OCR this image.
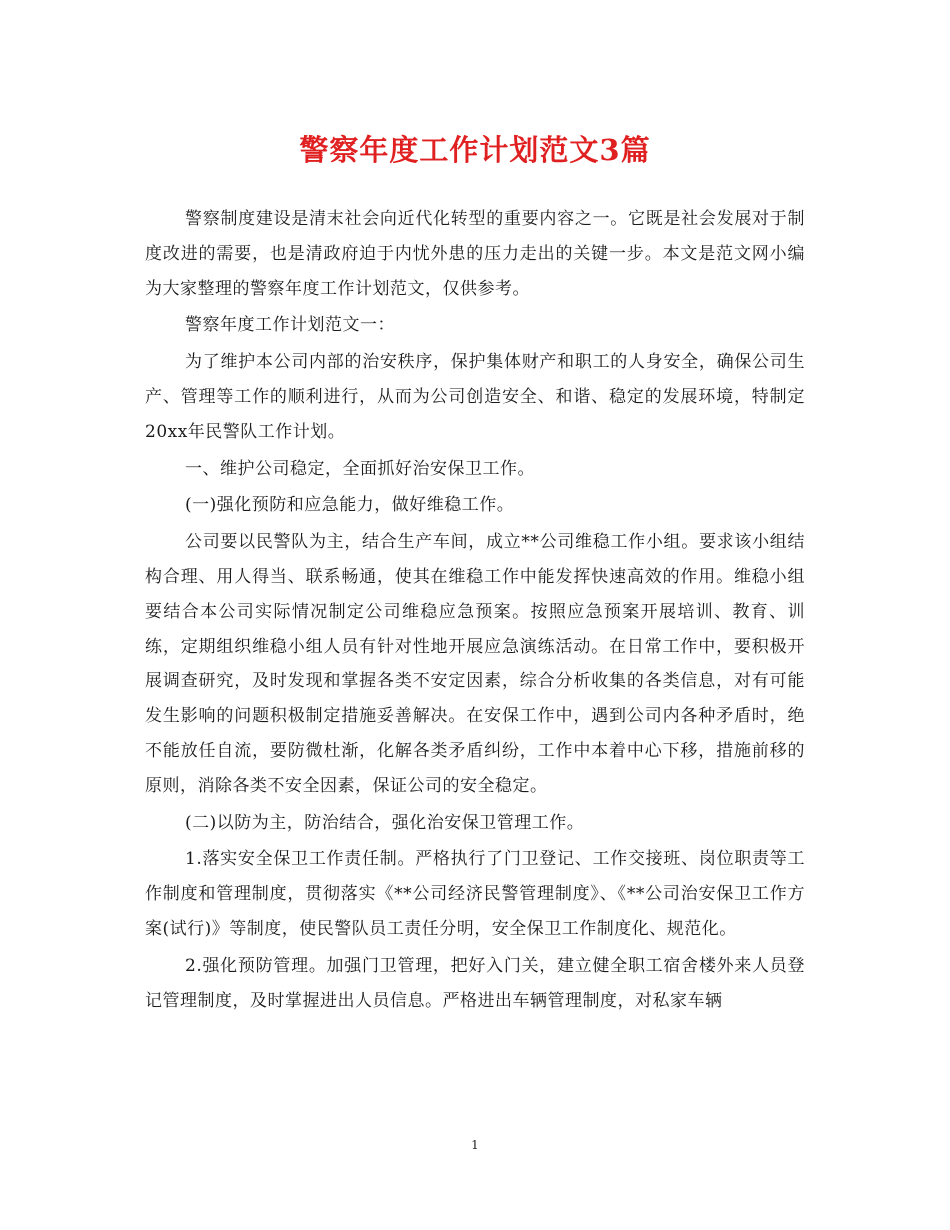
警察年度工作计划范文3篇

警察制度建设是清末社会向近代化转型的重要内容之一。它既是社会发展对于制度改进的需要，也是清政府迫于内忧外患的压力走出的关键一步。本文是范文网小编为大家整理的警察年度工作计划范文，仅供参考。

警察年度工作计划范文一：

为了维护本公司内部的治安秩序，保护集体财产和职工的人身安全，确保公司生产、管理等工作的顺利进行，从而为公司创造安全、和谐、稳定的发展环境，特制定20xx年民警队工作计划。

一、维护公司稳定，全面抓好治安保卫工作。

(一)强化预防和应急能力，做好维稳工作。

公司要以民警队为主，结合生产车间，成立**公司维稳工作小组。要求该小组结构合理、用人得当、联系畅通，使其在维稳工作中能发挥快速高效的作用。维稳小组要结合本公司实际情况制定公司维稳应急预案。按照应急预案开展培训、教育、训练，定期组织维稳小组人员有针对性地开展应急演练活动。在日常工作中，要积极开展调查研究，及时发现和掌握各类不安定因素，综合分析收集的各类信息，对有可能发生影响的问题积极制定措施妥善解决。在安保工作中，遇到公司内各种矛盾时，绝不能放任自流，要防微杜渐，化解各类矛盾纠纷，工作中本着中心下移，措施前移的原则，消除各类不安全因素，保证公司的安全稳定。

(二)以防为主，防治结合，强化治安保卫管理工作。

1.落实安全保卫工作责任制。严格执行了门卫登记、工作交接班、岗位职责等工作制度和管理制度，贯彻落实《**公司经济民警管理制度》、《**公司治安保卫工作方案(试行)》等制度，使民警队员工责任分明，安全保卫工作制度化、规范化。

2.强化预防管理。加强门卫管理，把好入门关，建立健全职工宿舍楼外来人员登记管理制度，及时掌握进出人员信息。严格进出车辆管理制度，对私家车辆

1
